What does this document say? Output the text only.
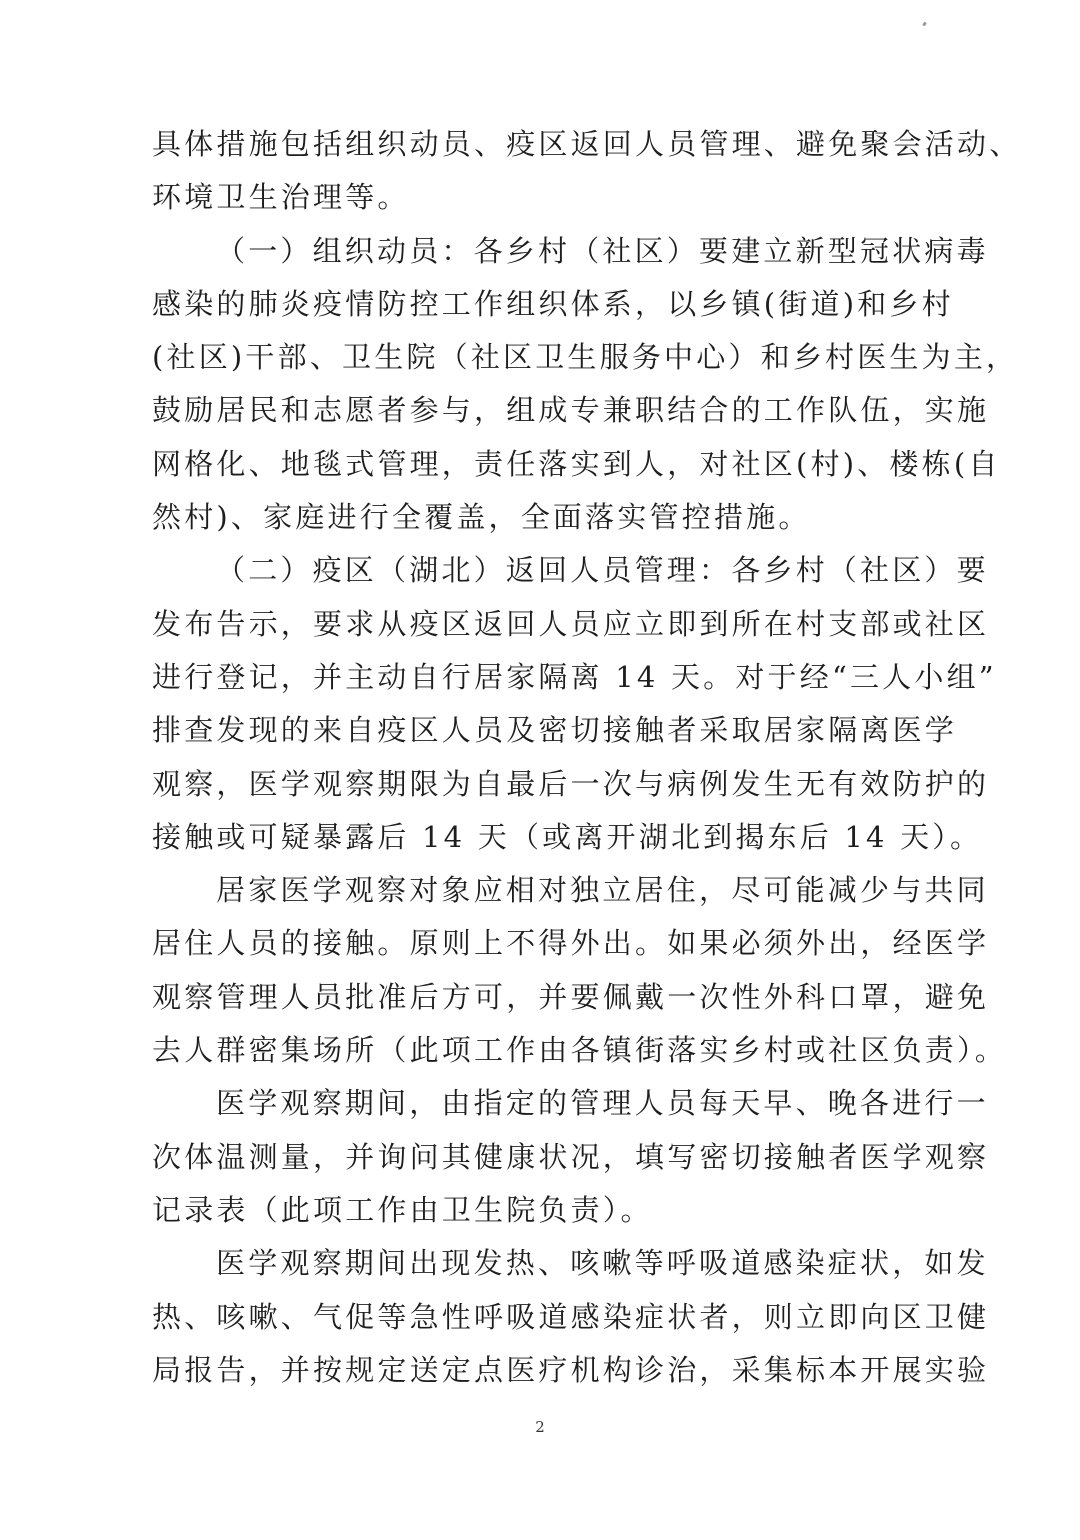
具体措施包括组织动员、疫区返回人员管理、避免聚会活动、
环境卫生治理等。
（一）组织动员：各乡村（社区）要建立新型冠状病毒
感染的肺炎疫情防控工作组织体系，以乡镇(街道)和乡村
(社区)干部、卫生院（社区卫生服务中心）和乡村医生为主，
鼓励居民和志愿者参与，组成专兼职结合的工作队伍，实施
网格化、地毯式管理，责任落实到人，对社区(村)、楼栋(自
然村)、家庭进行全覆盖，全面落实管控措施。
（二）疫区（湖北）返回人员管理：各乡村（社区）要
发布告示，要求从疫区返回人员应立即到所在村支部或社区
进行登记，并主动自行居家隔离 14 天。对于经“三人小组”
排查发现的来自疫区人员及密切接触者采取居家隔离医学
观察，医学观察期限为自最后一次与病例发生无有效防护的
接触或可疑暴露后 14 天（或离开湖北到揭东后 14 天）。
居家医学观察对象应相对独立居住，尽可能减少与共同
居住人员的接触。原则上不得外出。如果必须外出，经医学
观察管理人员批准后方可，并要佩戴一次性外科口罩，避免
去人群密集场所（此项工作由各镇街落实乡村或社区负责）。
医学观察期间，由指定的管理人员每天早、晚各进行一
次体温测量，并询问其健康状况，填写密切接触者医学观察
记录表（此项工作由卫生院负责）。
医学观察期间出现发热、咳嗽等呼吸道感染症状，如发
热、咳嗽、气促等急性呼吸道感染症状者，则立即向区卫健
局报告，并按规定送定点医疗机构诊治，采集标本开展实验
2
